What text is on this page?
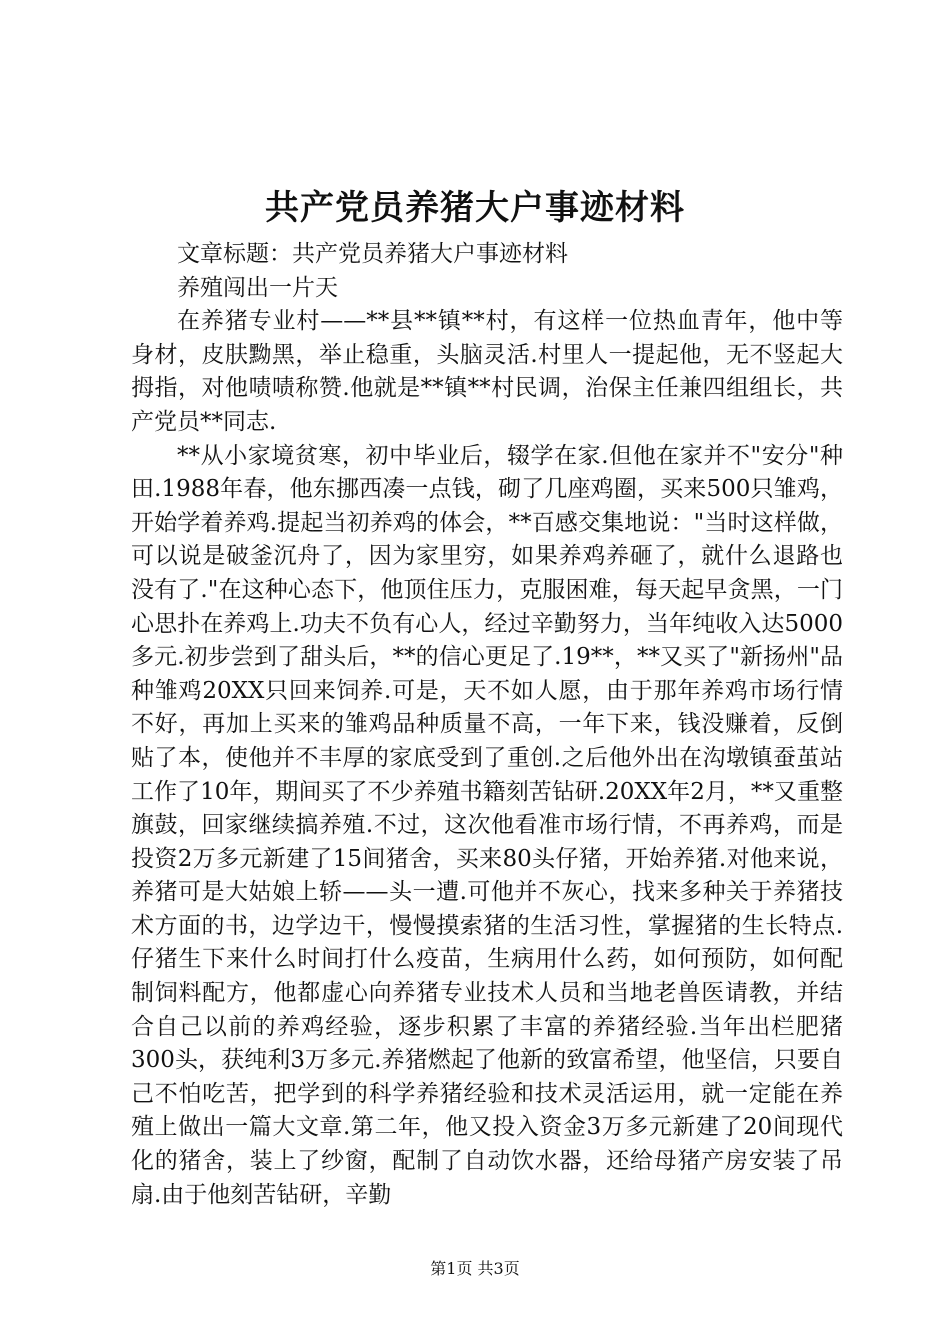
共产党员养猪大户事迹材料

文章标题：共产党员养猪大户事迹材料

养殖闯出一片天

在养猪专业村——**县**镇**村，有这样一位热血青年，他中等身材，皮肤黝黑，举止稳重，头脑灵活.村里人一提起他，无不竖起大拇指，对他啧啧称赞.他就是**镇**村民调，治保主任兼四组组长，共产党员**同志.

**从小家境贫寒，初中毕业后，辍学在家.但他在家并不"安分"种田.1988年春，他东挪西凑一点钱，砌了几座鸡圈，买来500只雏鸡，开始学着养鸡.提起当初养鸡的体会，**百感交集地说："当时这样做，可以说是破釜沉舟了，因为家里穷，如果养鸡养砸了，就什么退路也没有了."在这种心态下，他顶住压力，克服困难，每天起早贪黑，一门心思扑在养鸡上.功夫不负有心人，经过辛勤努力，当年纯收入达5000多元.初步尝到了甜头后，**的信心更足了.19**，**又买了"新扬州"品种雏鸡20XX只回来饲养.可是，天不如人愿，由于那年养鸡市场行情不好，再加上买来的雏鸡品种质量不高，一年下来，钱没赚着，反倒贴了本，使他并不丰厚的家底受到了重创.之后他外出在沟墩镇蚕茧站工作了10年，期间买了不少养殖书籍刻苦钻研.20XX年2月，**又重整旗鼓，回家继续搞养殖.不过，这次他看准市场行情，不再养鸡，而是投资2万多元新建了15间猪舍，买来80头仔猪，开始养猪.对他来说，养猪可是大姑娘上轿——头一遭.可他并不灰心，找来多种关于养猪技术方面的书，边学边干，慢慢摸索猪的生活习性，掌握猪的生长特点.仔猪生下来什么时间打什么疫苗，生病用什么药，如何预防，如何配制饲料配方，他都虚心向养猪专业技术人员和当地老兽医请教，并结合自己以前的养鸡经验，逐步积累了丰富的养猪经验.当年出栏肥猪300头，获纯利3万多元.养猪燃起了他新的致富希望，他坚信，只要自己不怕吃苦，把学到的科学养猪经验和技术灵活运用，就一定能在养殖上做出一篇大文章.第二年，他又投入资金3万多元新建了20间现代化的猪舍，装上了纱窗，配制了自动饮水器，还给母猪产房安装了吊扇.由于他刻苦钻研，辛勤

第1页 共3页
